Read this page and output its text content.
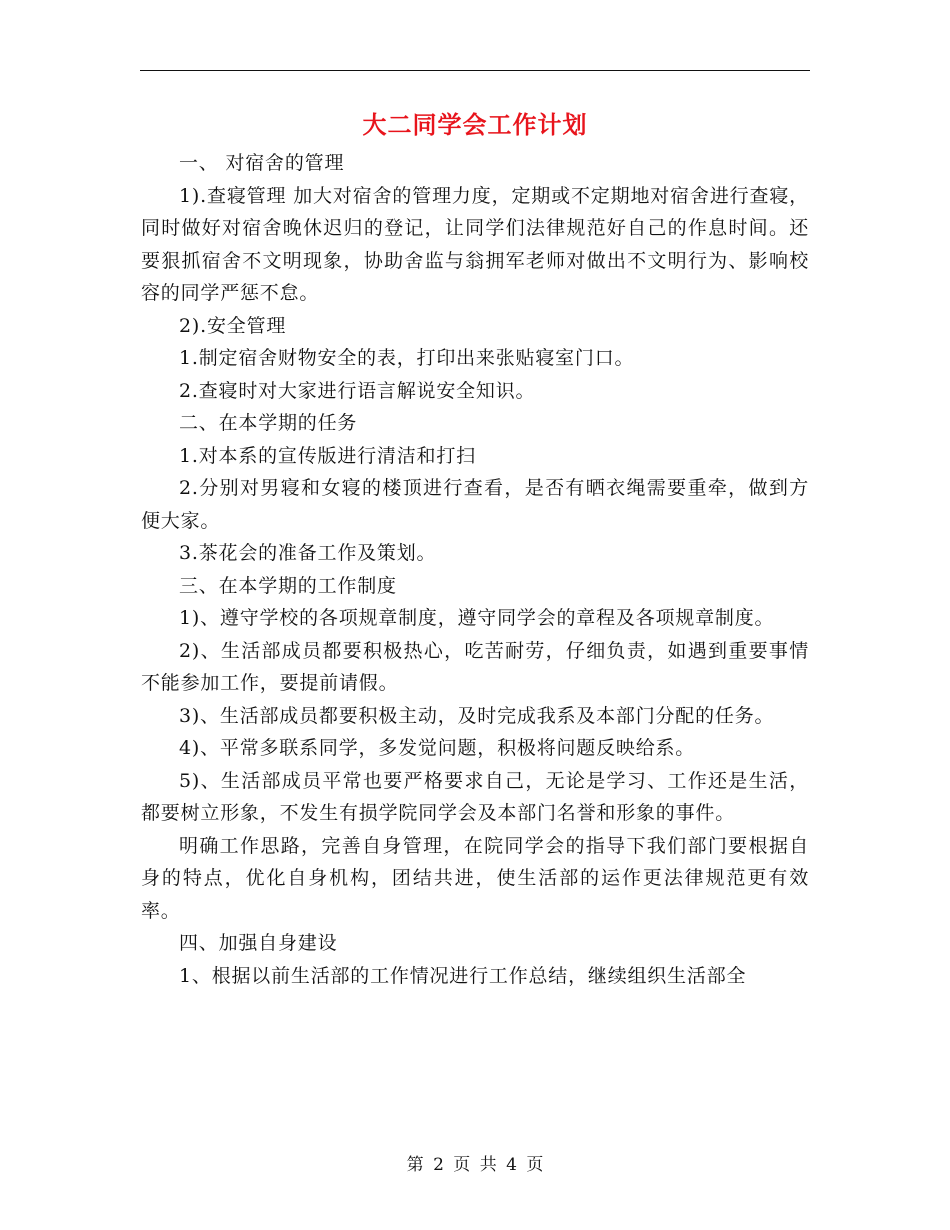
大二同学会工作计划

一、 对宿舍的管理

1).查寝管理 加大对宿舍的管理力度，定期或不定期地对宿舍进行查寝，同时做好对宿舍晚休迟归的登记，让同学们法律规范好自己的作息时间。还要狠抓宿舍不文明现象，协助舍监与翁拥军老师对做出不文明行为、影响校容的同学严惩不怠。

2).安全管理

1.制定宿舍财物安全的表，打印出来张贴寝室门口。

2.查寝时对大家进行语言解说安全知识。

二、在本学期的任务

1.对本系的宣传版进行清洁和打扫

2.分别对男寝和女寝的楼顶进行查看，是否有晒衣绳需要重牵，做到方便大家。

3.茶花会的准备工作及策划。

三、在本学期的工作制度

1)、遵守学校的各项规章制度，遵守同学会的章程及各项规章制度。

2)、生活部成员都要积极热心，吃苦耐劳，仔细负责，如遇到重要事情不能参加工作，要提前请假。

3)、生活部成员都要积极主动，及时完成我系及本部门分配的任务。

4)、平常多联系同学，多发觉问题，积极将问题反映给系。

5)、生活部成员平常也要严格要求自己，无论是学习、工作还是生活，都要树立形象，不发生有损学院同学会及本部门名誉和形象的事件。

明确工作思路，完善自身管理，在院同学会的指导下我们部门要根据自身的特点，优化自身机构，团结共进，使生活部的运作更法律规范更有效率。

四、加强自身建设

1、根据以前生活部的工作情况进行工作总结，继续组织生活部全

第 2 页 共 4 页
